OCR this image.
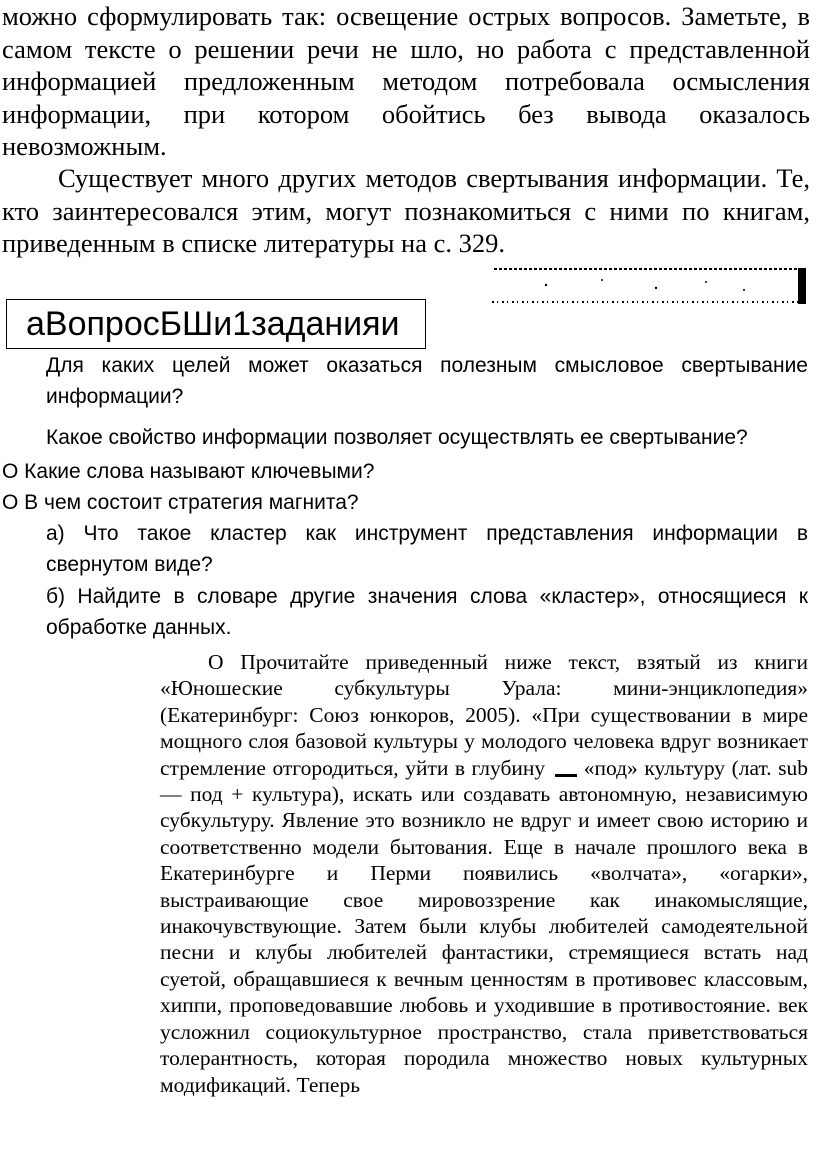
можно сформулировать так: освещение острых вопросов. Заметьте, в самом тексте о решении речи не шло, но работа с представленной информацией предложенным методом потребовала осмысления информации, при котором обойтись без вывода оказалось невозможным.

Существует много других методов свертывания информации. Те, кто заинтересовался этим, могут познакомиться с ними по книгам, приведенным в списке литературы на с. 329.

аВопросБШи1заданияи

Для каких целей может оказаться полезным смысловое свертывание информации?

Какое свойство информации позволяет осуществлять ее свертывание?

О Какие слова называют ключевыми?

О В чем состоит стратегия магнита?

а) Что такое кластер как инструмент представления информации в свернутом виде?

б) Найдите в словаре другие значения слова «кластер», относящиеся к обработке данных.

О Прочитайте приведенный ниже текст, взятый из книги «Юношеские субкультуры Урала: мини-энциклопедия» (Екатеринбург: Союз юнкоров, 2005). «При существовании в мире мощного слоя базовой культуры у молодого человека вдруг возникает стремление отгородиться, уйти в глубину «под» культуру (лат. sub — под + культура), искать или создавать автономную, независимую субкультуру. Явление это возникло не вдруг и имеет свою историю и соответственно модели бытования. Еще в начале прошлого века в Екатеринбурге и Перми появились «волчата», «огарки», выстраивающие свое мировоззрение как инакомыслящие, инакочувствующие. Затем были клубы любителей самодеятельной песни и клубы любителей фантастики, стремящиеся встать над суетой, обращавшиеся к вечным ценностям в противовес классовым, хиппи, проповедовавшие любовь и уходившие в противостояние. век усложнил социокультурное пространство, стала приветствоваться толерантность, которая породила множество новых культурных модификаций. Теперь
